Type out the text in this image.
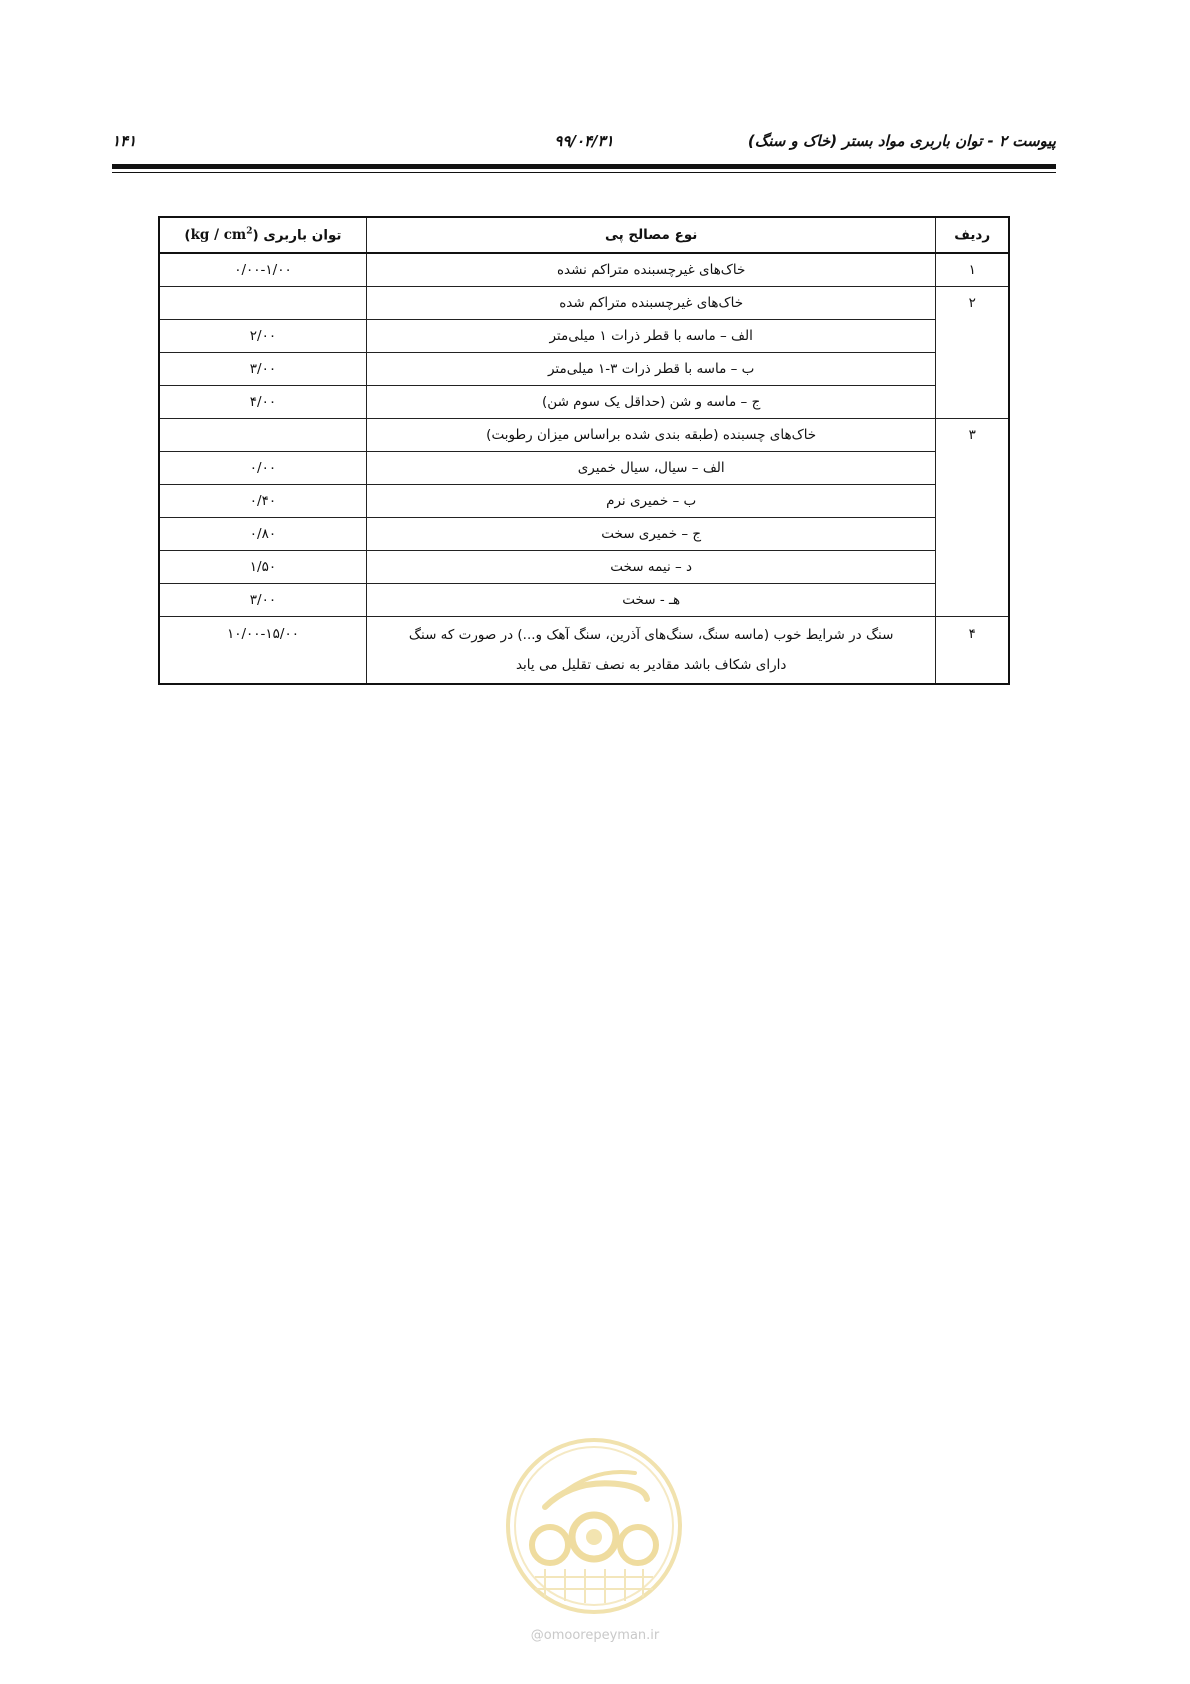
پیوست ۲ - توان باربری مواد بستر (خاک و سنگ)
۹۹/۰۴/۳۱
۱۴۱
ردیف	نوع مصالح پی	توان باربری $(kg / cm^2)$
۱	خاک‌های غیرچسبنده متراکم نشده	۰/۰۰-۱/۰۰
۲	خاک‌های غیرچسبنده متراکم شده	
	الف – ماسه با قطر ذرات ۱ میلی‌متر	۲/۰۰
	ب – ماسه با قطر ذرات ۳-۱ میلی‌متر	۳/۰۰
	ج – ماسه و شن (حداقل یک سوم شن)	۴/۰۰
۳	خاک‌های چسبنده (طبقه بندی شده براساس میزان رطوبت)	
	الف – سیال، سیال خمیری	۰/۰۰
	ب – خمیری نرم	۰/۴۰
	ج – خمیری سخت	۰/۸۰
	د – نیمه سخت	۱/۵۰
	هـ - سخت	۳/۰۰
۴	سنگ در شرایط خوب (ماسه سنگ، سنگ‌های آذرین، سنگ آهک و...) در صورت که سنگ
دارای شکاف باشد مقادیر به نصف تقلیل می یابد	۱۰/۰۰-۱۵/۰۰
@omoorepeyman.ir
